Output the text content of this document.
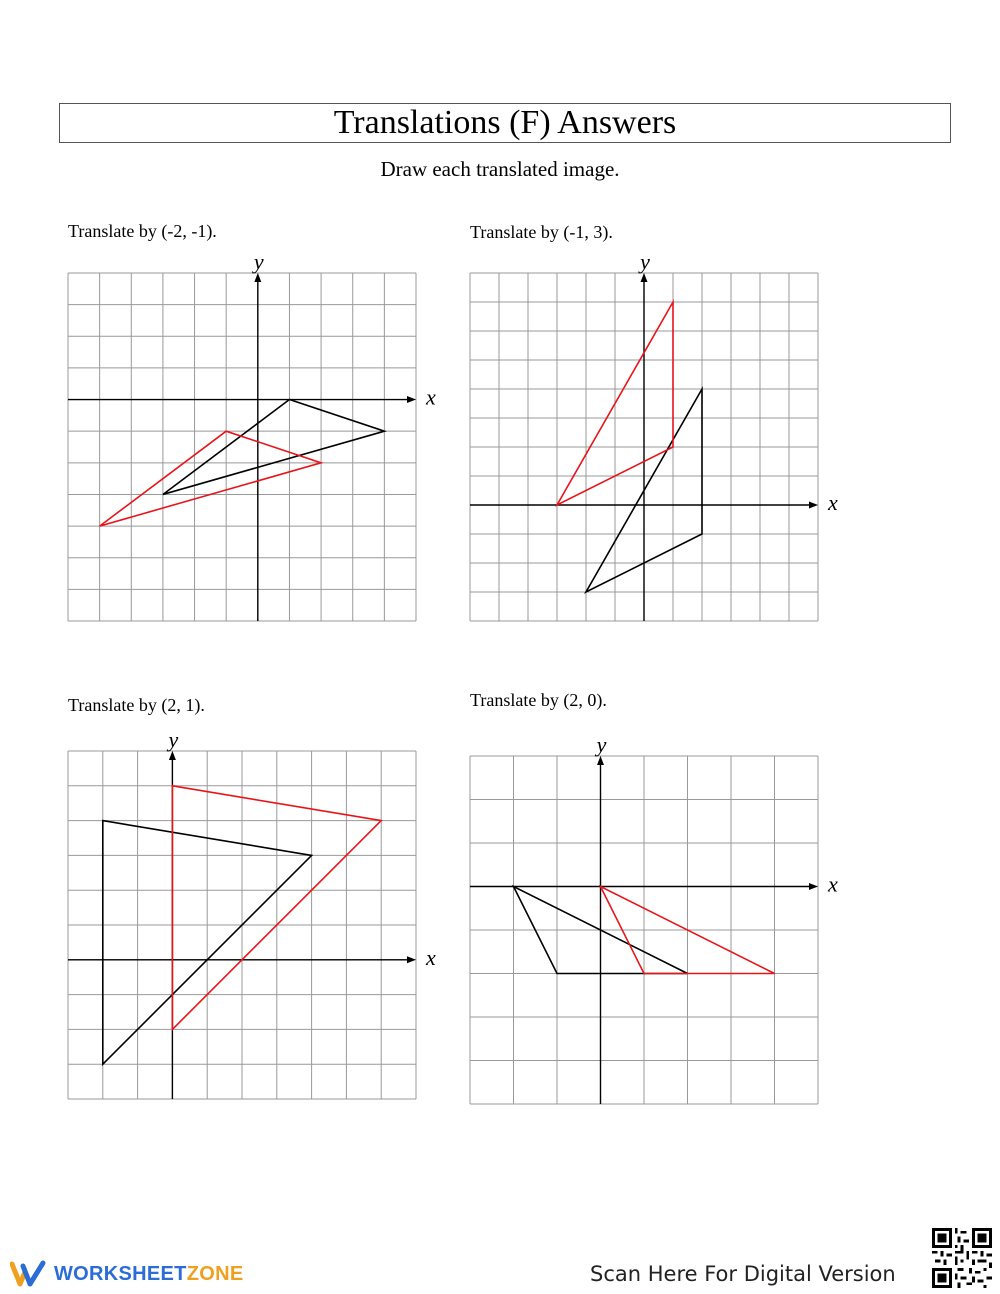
Translations (F) Answers
Draw each translated image.
Translate by (-2, -1).
x
y
Translate by (-1, 3).
x
y
Translate by (2, 1).
x
y
Translate by (2, 0).
x
y
WORKSHEETZONE	Scan Here For Digital Version
